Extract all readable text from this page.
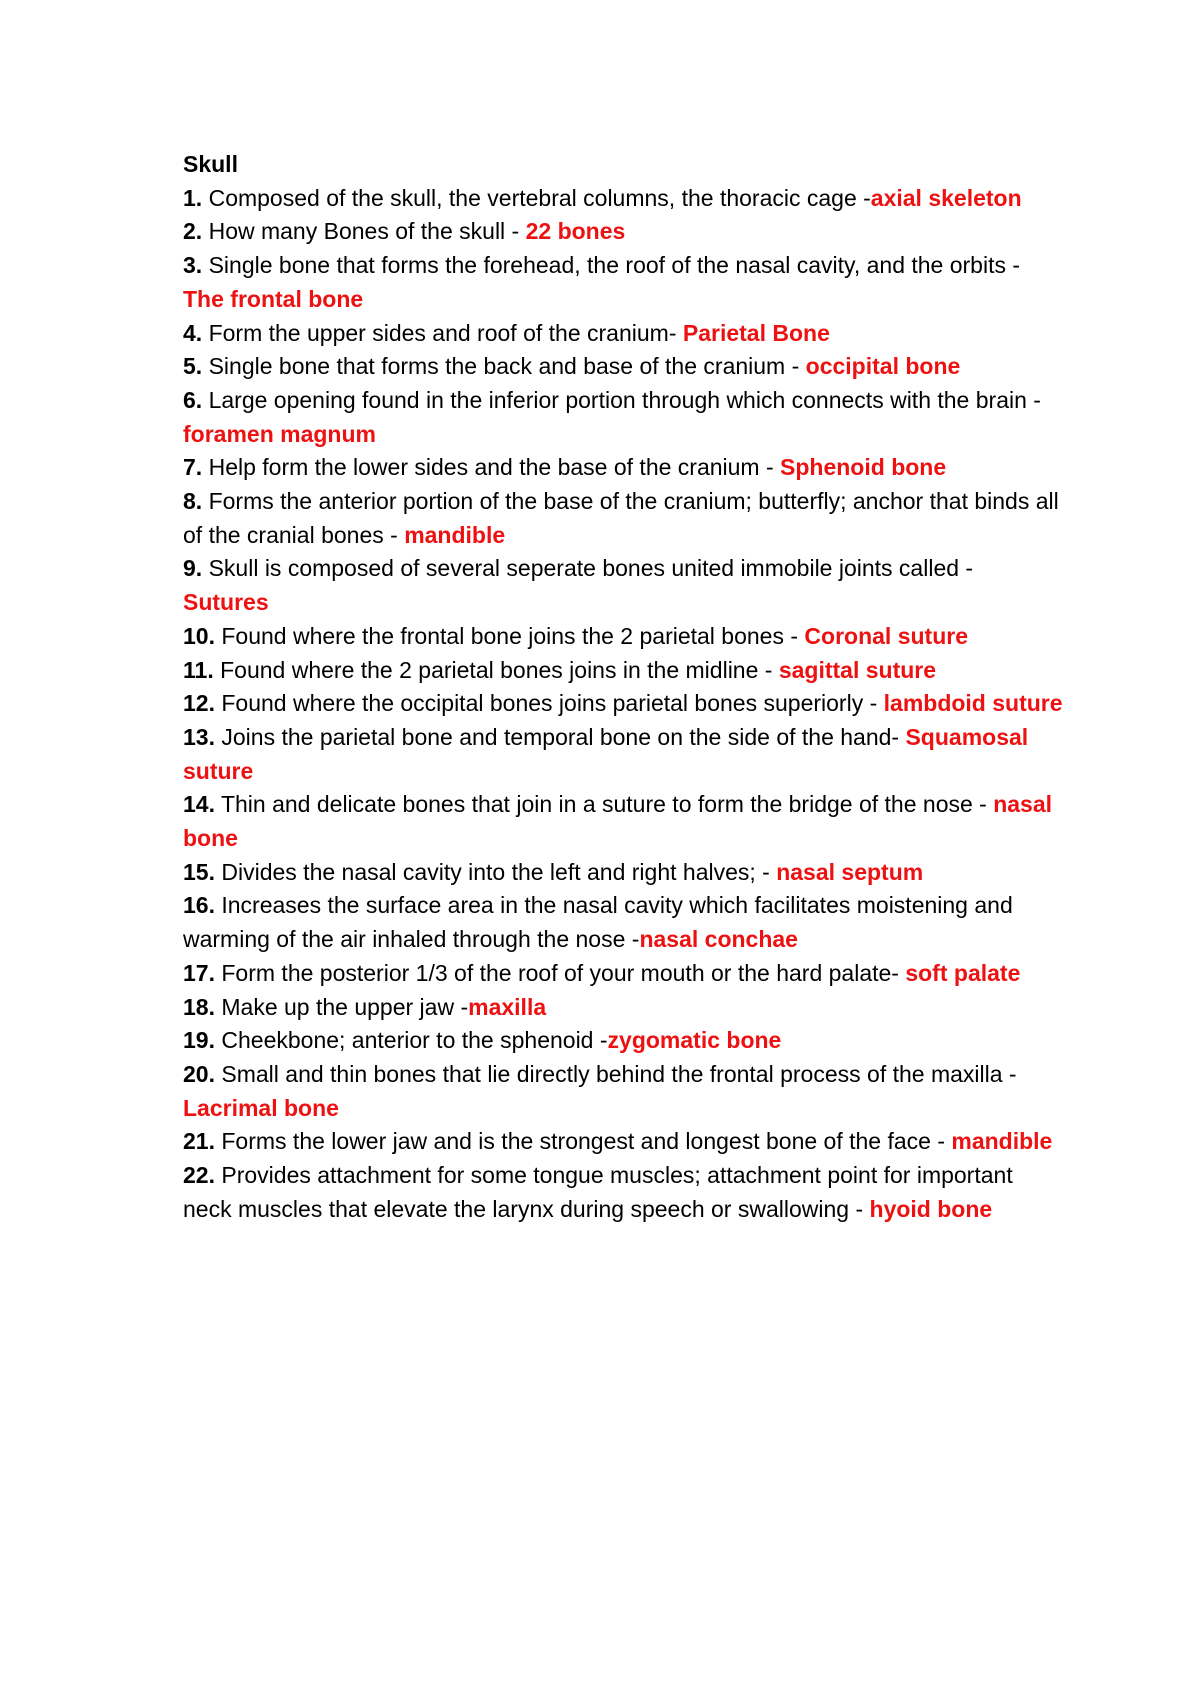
Skull

1. Composed of the skull, the vertebral columns, the thoracic cage -axial skeleton

2. How many Bones of the skull - 22 bones

3. Single bone that forms the forehead, the roof of the nasal cavity, and the orbits - The frontal bone

4. Form the upper sides and roof of the cranium- Parietal Bone

5. Single bone that forms the back and base of the cranium - occipital bone

6. Large opening found in the inferior portion through which connects with the brain - foramen magnum

7. Help form the lower sides and the base of the cranium - Sphenoid bone

8. Forms the anterior portion of the base of the cranium; butterfly; anchor that binds all of the cranial bones - mandible

9. Skull is composed of several seperate bones united immobile joints called - Sutures

10. Found where the frontal bone joins the 2 parietal bones - Coronal suture

11. Found where the 2 parietal bones joins in the midline - sagittal suture

12. Found where the occipital bones joins parietal bones superiorly - lambdoid suture

13. Joins the parietal bone and temporal bone on the side of the hand- Squamosal suture

14. Thin and delicate bones that join in a suture to form the bridge of the nose - nasal bone

15. Divides the nasal cavity into the left and right halves; - nasal septum

16. Increases the surface area in the nasal cavity which facilitates moistening and warming of the air inhaled through the nose -nasal conchae

17. Form the posterior 1/3 of the roof of your mouth or the hard palate- soft palate

18. Make up the upper jaw -maxilla

19. Cheekbone; anterior to the sphenoid -zygomatic bone

20. Small and thin bones that lie directly behind the frontal process of the maxilla - Lacrimal bone

21. Forms the lower jaw and is the strongest and longest bone of the face - mandible

22. Provides attachment for some tongue muscles; attachment point for important neck muscles that elevate the larynx during speech or swallowing - hyoid bone
